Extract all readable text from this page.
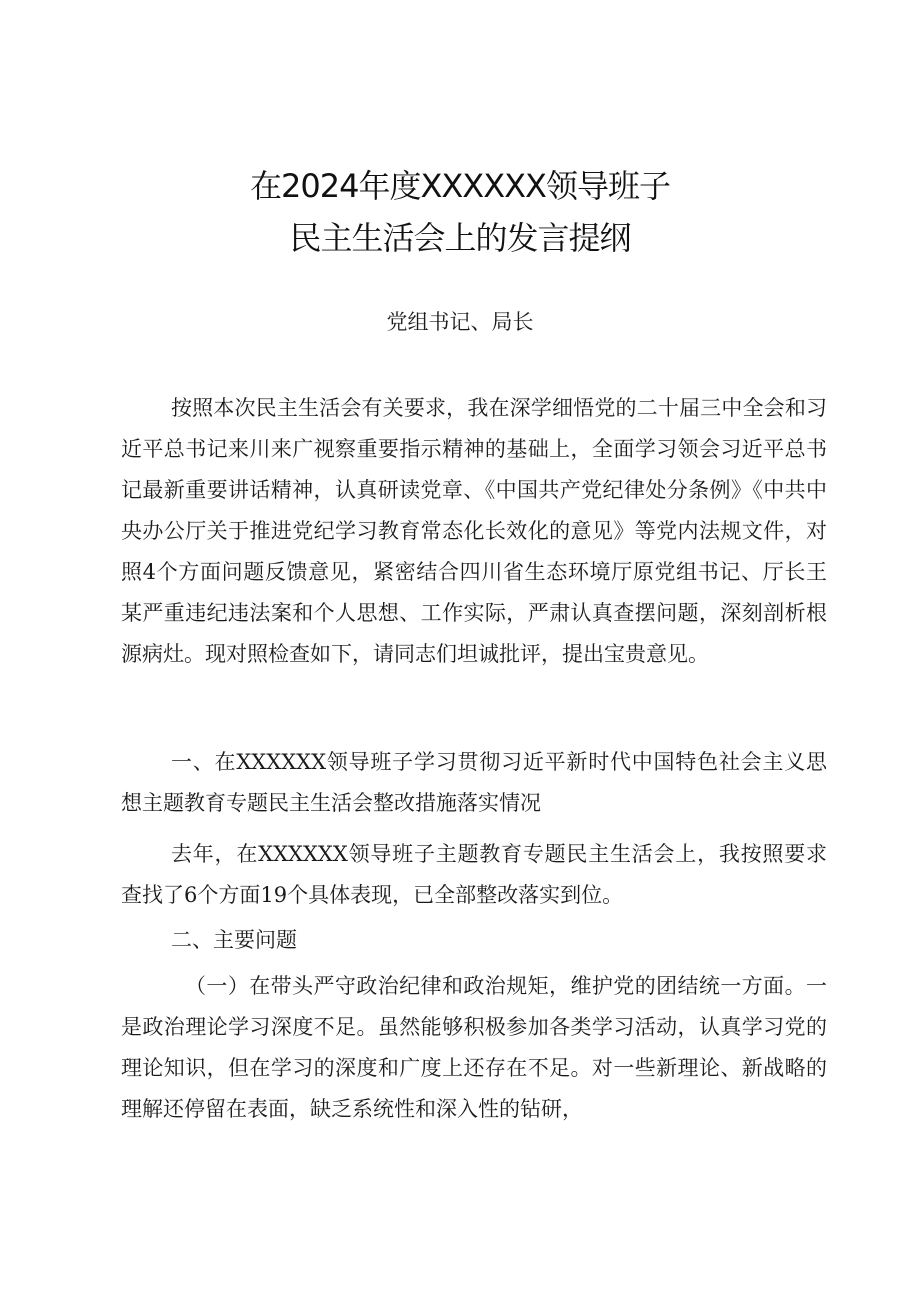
在2024年度XXXXXX领导班子
民主生活会上的发言提纲
党组书记、局长

按照本次民主生活会有关要求，我在深学细悟党的二十届三中全会和习近平总书记来川来广视察重要指示精神的基础上，全面学习领会习近平总书记最新重要讲话精神，认真研读党章、《中国共产党纪律处分条例》《中共中央办公厅关于推进党纪学习教育常态化长效化的意见》等党内法规文件，对照4个方面问题反馈意见，紧密结合四川省生态环境厅原党组书记、厅长王某严重违纪违法案和个人思想、工作实际，严肃认真查摆问题，深刻剖析根源病灶。现对照检查如下，请同志们坦诚批评，提出宝贵意见。

一、在XXXXXX领导班子学习贯彻习近平新时代中国特色社会主义思想主题教育专题民主生活会整改措施落实情况

去年，在XXXXXX领导班子主题教育专题民主生活会上，我按照要求查找了6个方面19个具体表现，已全部整改落实到位。

二、主要问题

（一）在带头严守政治纪律和政治规矩，维护党的团结统一方面。一是政治理论学习深度不足。虽然能够积极参加各类学习活动，认真学习党的理论知识，但在学习的深度和广度上还存在不足。对一些新理论、新战略的理解还停留在表面，缺乏系统性和深入性的钻研，
